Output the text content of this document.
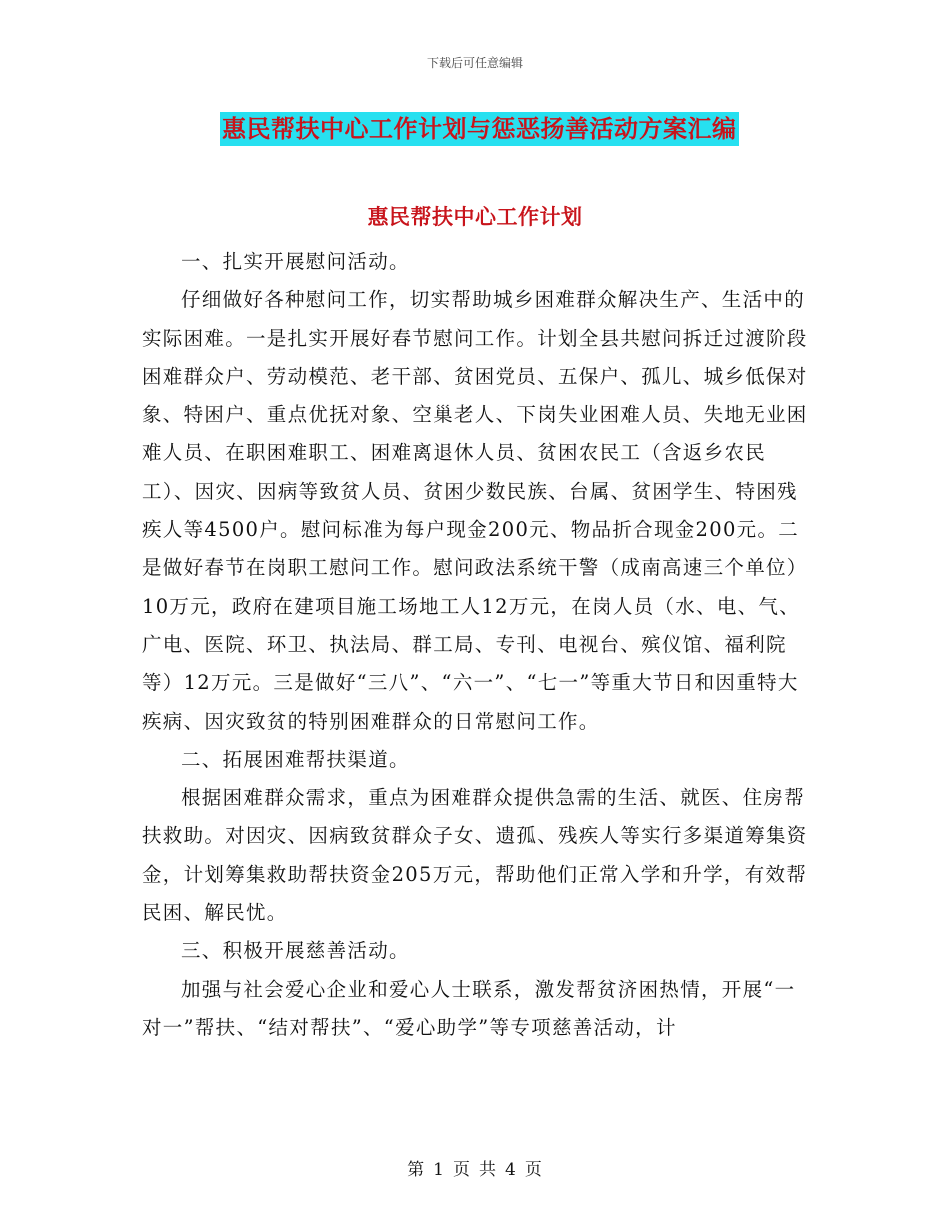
下载后可任意编辑
惠民帮扶中心工作计划与惩恶扬善活动方案汇编
惠民帮扶中心工作计划

一、扎实开展慰问活动。

仔细做好各种慰问工作，切实帮助城乡困难群众解决生产、生活中的实际困难。一是扎实开展好春节慰问工作。计划全县共慰问拆迁过渡阶段困难群众户、劳动模范、老干部、贫困党员、五保户、孤儿、城乡低保对象、特困户、重点优抚对象、空巢老人、下岗失业困难人员、失地无业困难人员、在职困难职工、困难离退休人员、贫困农民工（含返乡农民工）、因灾、因病等致贫人员、贫困少数民族、台属、贫困学生、特困残疾人等4500户。慰问标准为每户现金200元、物品折合现金200元。二是做好春节在岗职工慰问工作。慰问政法系统干警（成南高速三个单位）10万元，政府在建项目施工场地工人12万元，在岗人员（水、电、气、广电、医院、环卫、执法局、群工局、专刊、电视台、殡仪馆、福利院等）12万元。三是做好“三八”、“六一”、“七一”等重大节日和因重特大疾病、因灾致贫的特别困难群众的日常慰问工作。

二、拓展困难帮扶渠道。

根据困难群众需求，重点为困难群众提供急需的生活、就医、住房帮扶救助。对因灾、因病致贫群众子女、遗孤、残疾人等实行多渠道筹集资金，计划筹集救助帮扶资金205万元，帮助他们正常入学和升学，有效帮民困、解民忧。

三、积极开展慈善活动。

加强与社会爱心企业和爱心人士联系，激发帮贫济困热情，开展“一对一”帮扶、“结对帮扶”、“爱心助学”等专项慈善活动，计

第 1 页 共 4 页
